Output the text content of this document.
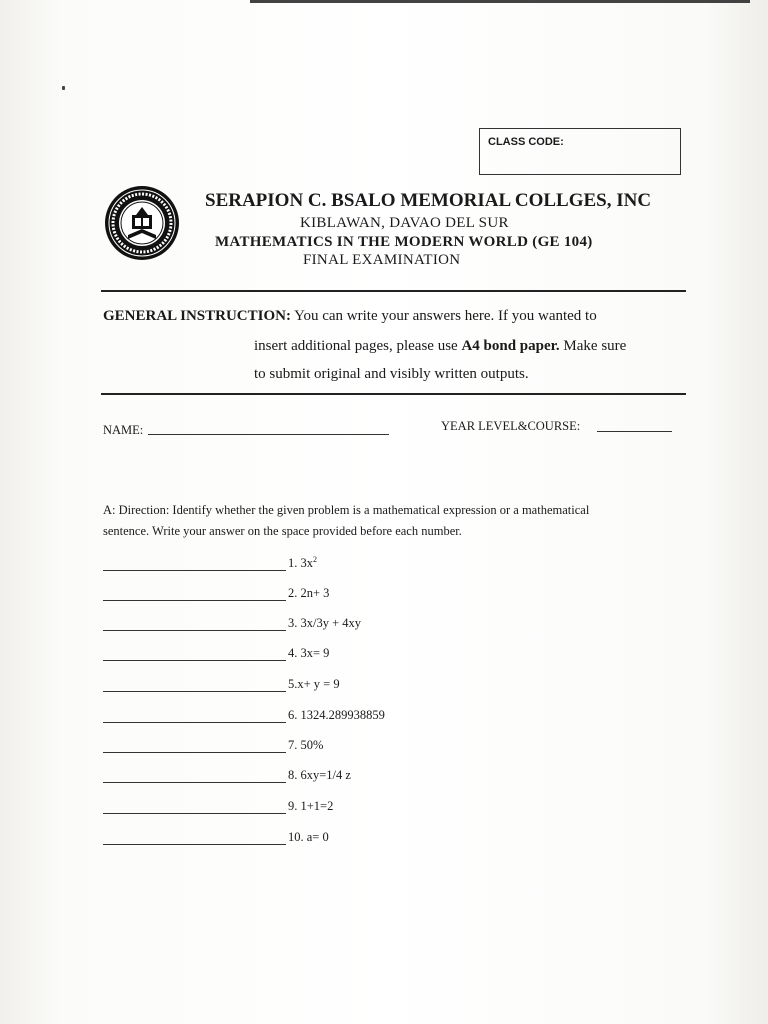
CLASS CODE:
SERAPION C. BSALO MEMORIAL COLLGES, INC
KIBLAWAN, DAVAO DEL SUR
MATHEMATICS IN THE MODERN WORLD (GE 104)
FINAL EXAMINATION
GENERAL INSTRUCTION: You can write your answers here. If you wanted to
insert additional pages, please use A4 bond paper. Make sure
to submit original and visibly written outputs.
NAME:	YEAR LEVEL&COURSE:
A: Direction: Identify whether the given problem is a mathematical expression or a mathematical
sentence. Write your answer on the space provided before each number.
1. $3x^2$
2. 2n+ 3
3. 3x/3y + 4xy
4. 3x= 9
5.x+ y = 9
6. 1324.289938859
7. 50%
8. 6xy=1/4 z
9. 1+1=2
10. a= 0
